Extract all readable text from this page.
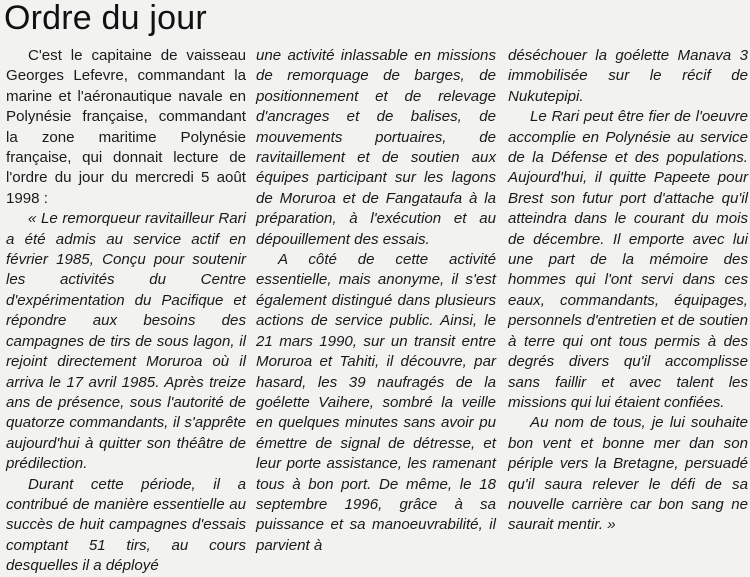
Ordre du jour

C'est le capitaine de vaisseau Georges Lefevre, commandant la marine et l'aéronautique navale en Polynésie française, commandant la zone maritime Polynésie française, qui donnait lecture de l'ordre du jour du mercredi 5 août 1998 :

« Le remorqueur ravitailleur Rari a été admis au service actif en février 1985, Conçu pour soutenir les activités du Centre d'expérimentation du Pacifique et répondre aux besoins des campagnes de tirs de sous lagon, il rejoint directement Moruroa où il arriva le 17 avril 1985. Après treize ans de présence, sous l'autorité de quatorze commandants, il s'apprête aujourd'hui à quitter son théâtre de prédilection.

Durant cette période, il a contribué de manière essentielle au succès de huit campagnes d'essais comptant 51 tirs, au cours desquelles il a déployé

une activité inlassable en missions de remorquage de barges, de positionnement et de relevage d'ancrages et de balises, de mouvements portuaires, de ravitaillement et de soutien aux équipes participant sur les lagons de Moruroa et de Fangataufa à la préparation, à l'exécution et au dépouillement des essais.

A côté de cette activité essentielle, mais anonyme, il s'est également distingué dans plusieurs actions de service public. Ainsi, le 21 mars 1990, sur un transit entre Moruroa et Tahiti, il découvre, par hasard, les 39 naufragés de la goélette Vaihere, sombré la veille en quelques minutes sans avoir pu émettre de signal de détresse, et leur porte assistance, les ramenant tous à bon port. De même, le 18 septembre 1996, grâce à sa puissance et sa manoeuvrabilité, il parvient à

déséchouer la goélette Manava 3 immobilisée sur le récif de Nukutepipi.

Le Rari peut être fier de l'oeuvre accomplie en Polynésie au service de la Défense et des populations. Aujourd'hui, il quitte Papeete pour Brest son futur port d'attache qu'il atteindra dans le courant du mois de décembre. Il emporte avec lui une part de la mémoire des hommes qui l'ont servi dans ces eaux, commandants, équipages, personnels d'entretien et de soutien à terre qui ont tous permis à des degrés divers qu'il accomplisse sans faillir et avec talent les missions qui lui étaient confiées.

Au nom de tous, je lui souhaite bon vent et bonne mer dan son périple vers la Bretagne, persuadé qu'il saura relever le défi de sa nouvelle carrière car bon sang ne saurait mentir. »
